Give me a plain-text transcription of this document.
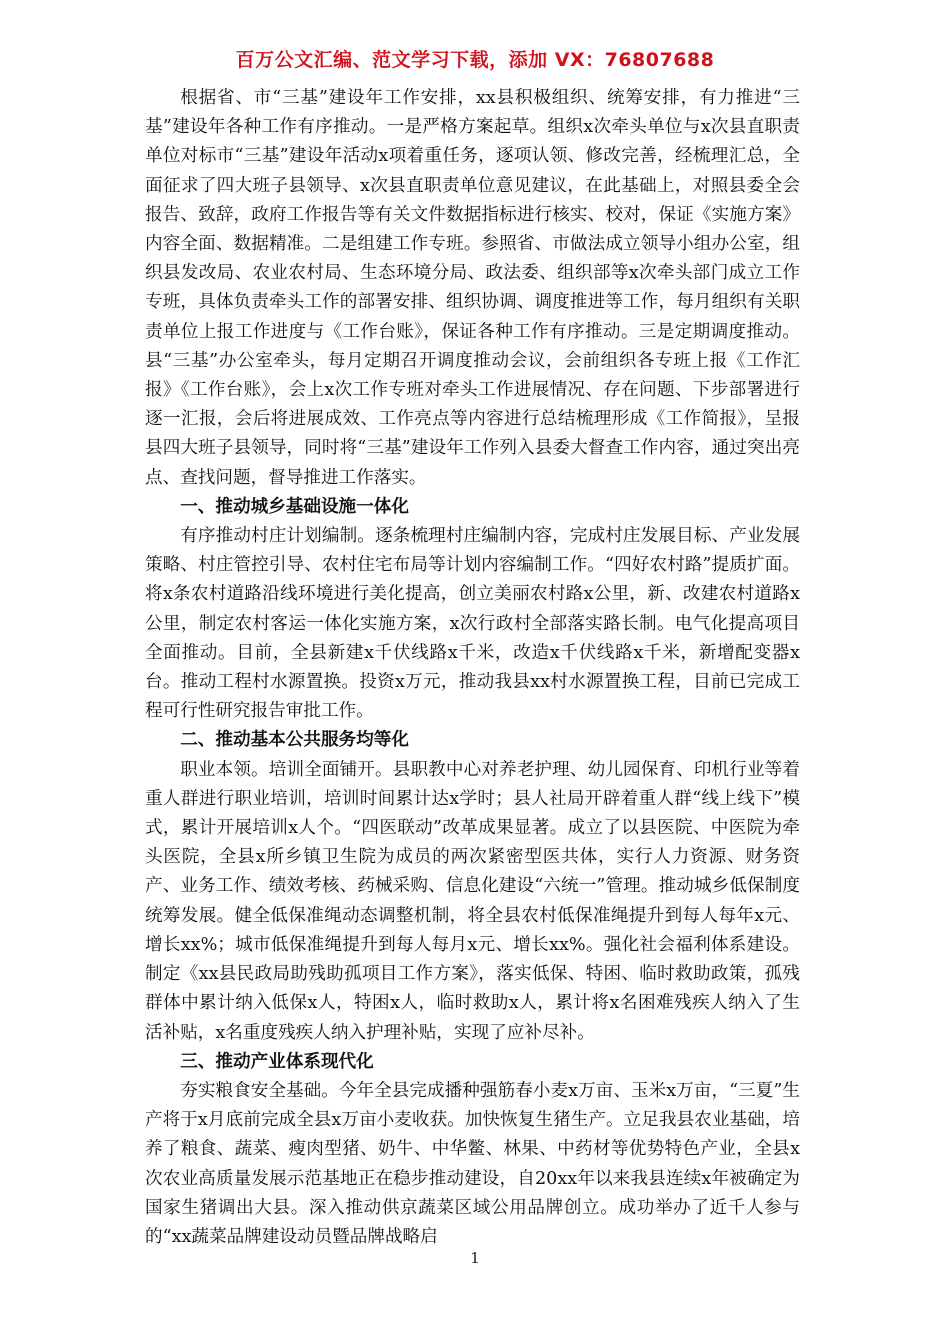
百万公文汇编、范文学习下载，添加 VX：76807688

根据省、市“三基”建设年工作安排，xx县积极组织、统筹安排，有力推进“三基”建设年各种工作有序推动。一是严格方案起草。组织x次牵头单位与x次县直职责单位对标市“三基”建设年活动x项着重任务，逐项认领、修改完善，经梳理汇总，全面征求了四大班子县领导、x次县直职责单位意见建议，在此基础上，对照县委全会报告、致辞，政府工作报告等有关文件数据指标进行核实、校对，保证《实施方案》内容全面、数据精准。二是组建工作专班。参照省、市做法成立领导小组办公室，组织县发改局、农业农村局、生态环境分局、政法委、组织部等x次牵头部门成立工作专班，具体负责牵头工作的部署安排、组织协调、调度推进等工作，每月组织有关职责单位上报工作进度与《工作台账》，保证各种工作有序推动。三是定期调度推动。县“三基”办公室牵头，每月定期召开调度推动会议，会前组织各专班上报《工作汇报》《工作台账》，会上x次工作专班对牵头工作进展情况、存在问题、下步部署进行逐一汇报，会后将进展成效、工作亮点等内容进行总结梳理形成《工作简报》，呈报县四大班子县领导，同时将“三基”建设年工作列入县委大督查工作内容，通过突出亮点、查找问题，督导推进工作落实。

一、推动城乡基础设施一体化

有序推动村庄计划编制。逐条梳理村庄编制内容，完成村庄发展目标、产业发展策略、村庄管控引导、农村住宅布局等计划内容编制工作。“四好农村路”提质扩面。将x条农村道路沿线环境进行美化提高，创立美丽农村路x公里，新、改建农村道路x公里，制定农村客运一体化实施方案，x次行政村全部落实路长制。电气化提高项目全面推动。目前，全县新建x千伏线路x千米，改造x千伏线路x千米，新增配变器x台。推动工程村水源置换。投资x万元，推动我县xx村水源置换工程，目前已完成工程可行性研究报告审批工作。

二、推动基本公共服务均等化

职业本领。培训全面铺开。县职教中心对养老护理、幼儿园保育、印机行业等着重人群进行职业培训，培训时间累计达x学时；县人社局开辟着重人群“线上线下”模式，累计开展培训x人个。“四医联动”改革成果显著。成立了以县医院、中医院为牵头医院，全县x所乡镇卫生院为成员的两次紧密型医共体，实行人力资源、财务资产、业务工作、绩效考核、药械采购、信息化建设“六统一”管理。推动城乡低保制度统筹发展。健全低保准绳动态调整机制，将全县农村低保准绳提升到每人每年x元、增长xx%；城市低保准绳提升到每人每月x元、增长xx%。强化社会福利体系建设。制定《xx县民政局助残助孤项目工作方案》，落实低保、特困、临时救助政策，孤残群体中累计纳入低保x人，特困x人，临时救助x人，累计将x名困难残疾人纳入了生活补贴，x名重度残疾人纳入护理补贴，实现了应补尽补。

三、推动产业体系现代化

夯实粮食安全基础。今年全县完成播种强筋春小麦x万亩、玉米x万亩，“三夏”生产将于x月底前完成全县x万亩小麦收获。加快恢复生猪生产。立足我县农业基础，培养了粮食、蔬菜、瘦肉型猪、奶牛、中华鳖、林果、中药材等优势特色产业，全县x次农业高质量发展示范基地正在稳步推动建设，自20xx年以来我县连续x年被确定为国家生猪调出大县。深入推动供京蔬菜区域公用品牌创立。成功举办了近千人参与的“xx蔬菜品牌建设动员暨品牌战略启

1
